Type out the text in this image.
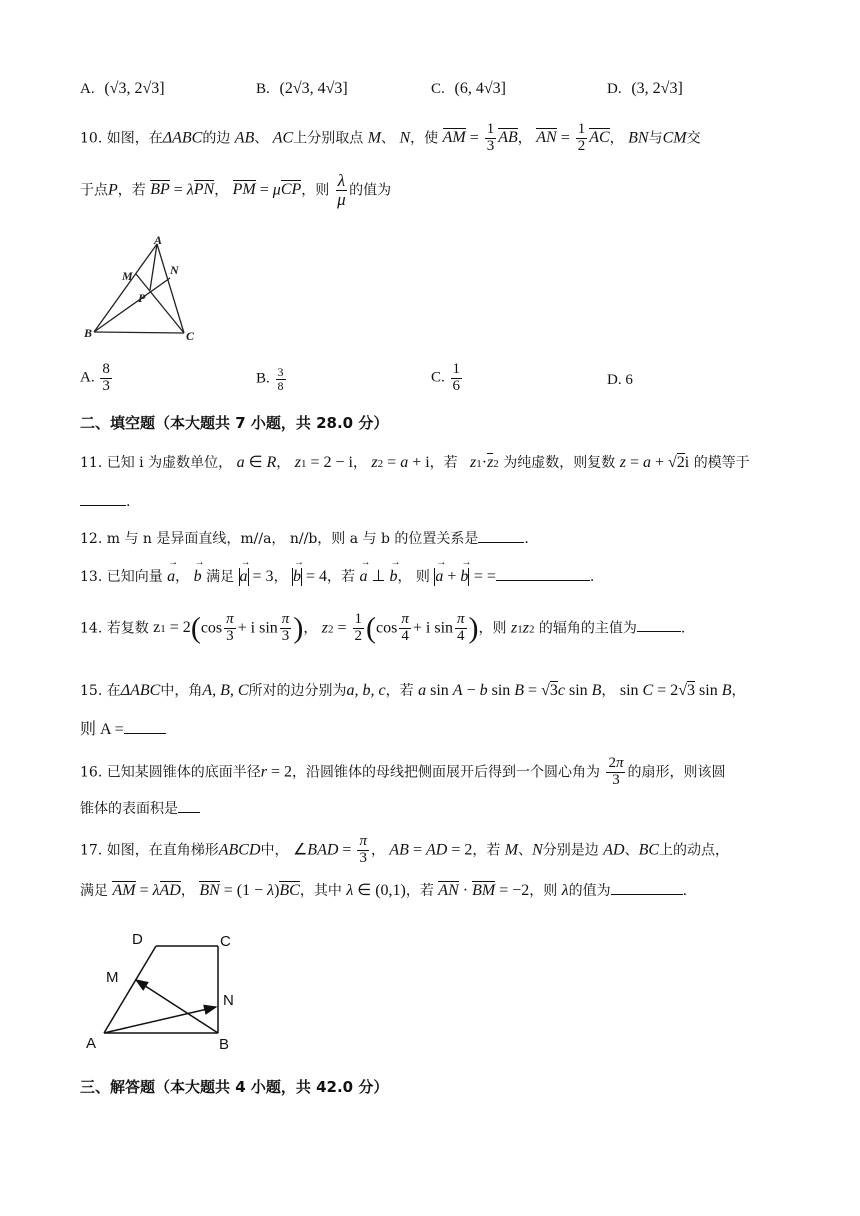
A. (√3, 2√3]	B. (2√3, 4√3]	C. (6, 4√3]	D. (3, 2√3]
10. 如图，在ΔABC的边 AB、 AC上分别取点 M、 N，使 AM = $\frac{1}{3}$ AB， AN = $\frac{1}{2}$ AC， BN与CM交
于点P，若 BP = λPN， PM = μCP，则 $\frac{\lambda}{\mu}$ 的值为
A
M	N
P
B	C
A. $\frac{8}{3}$	B. $\frac{3}{8}$	C. $\frac{1}{6}$	D. 6
二、填空题（本大题共 7 小题，共 28.0 分）
11. 已知 i 为虚数单位， a ∈ R， z1 = 2 − i， z2 = a + i，若 z1·z2 为纯虚数，则复数 z = a + √2i 的模等于
.
12. m 与 n 是异面直线，m//a， n//b，则 a 与 b 的位置关系是	.
13. 已知向量 → a， → b 满足 → a = 3， → b = 4，若 → a ⊥ → b， 则 → a + → b = =	.
14. 若复数 $z1 = 2(\cos \frac{\pi}{3} + i$ $\sin \frac{\pi}{3}$ )， $z2 = \frac{1}{2} (\cos \frac{\pi}{4} + i$ $\sin \frac{\pi}{4}$ )，则 z1z2 的辐角的主值为	.
15. 在ΔABC中，角A, B, C所对的边分别为a, b, c，若 a sin A − b sin B = √3c sin B， sin C = 2√3 sin B，
则 A =
16. 已知某圆锥体的底面半径r = 2，沿圆锥体的母线把侧面展开后得到一个圆心角为 $\frac{2\pi}{3}$ 的扇形，则该圆
锥体的表面积是
17. 如图，在直角梯形ABCD中， ∠BAD = $\frac{\pi}{3}$ ， AB = AD = 2，若 M、N分别是边 AD、BC上的动点，
满足 AM = λAD， BN = (1 − λ)BC，其中 λ ∈ (0,1)，若 AN · BM = −2，则 λ的值为	.
D	C
M
N
A	B
三、解答题（本大题共 4 小题，共 42.0 分）
